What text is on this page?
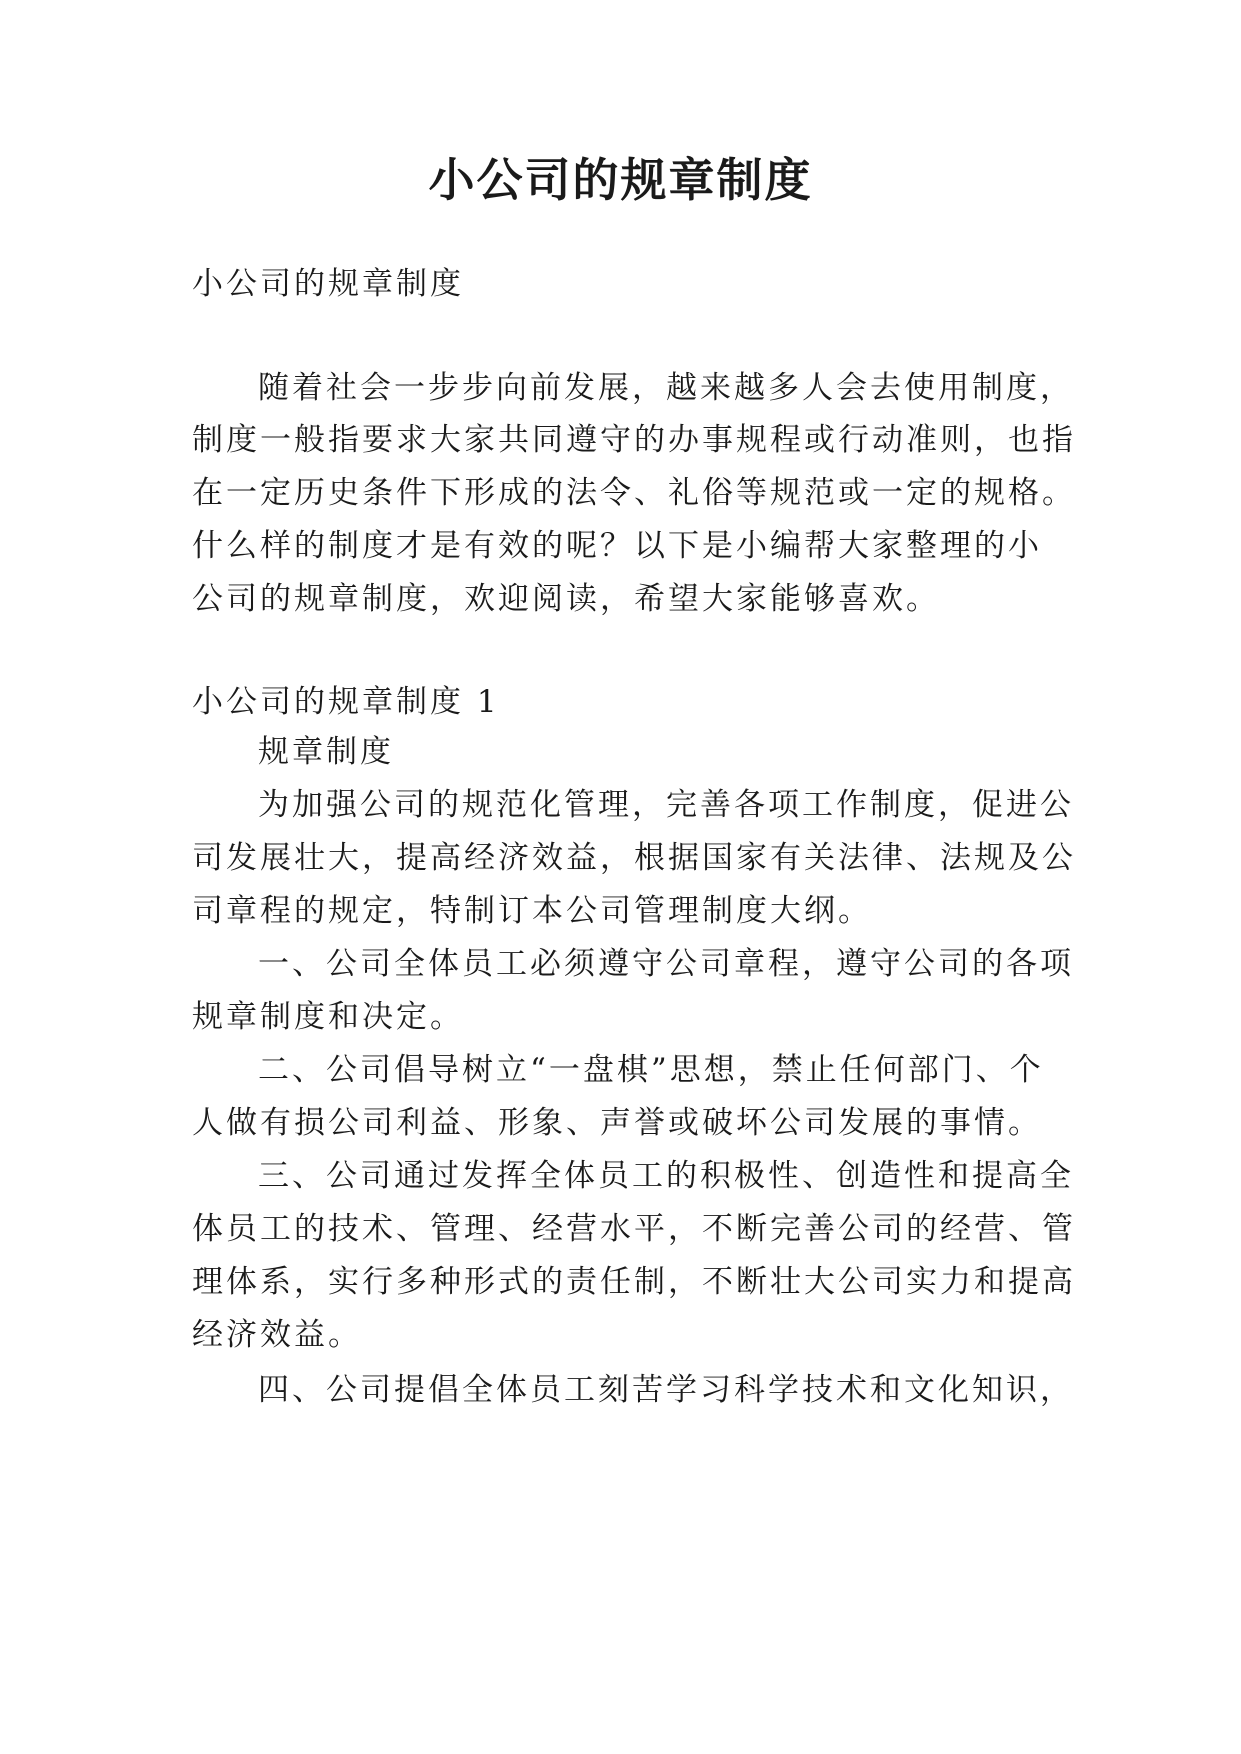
小公司的规章制度

小公司的规章制度

随着社会一步步向前发展，越来越多人会去使用制度，

制度一般指要求大家共同遵守的办事规程或行动准则，也指

在一定历史条件下形成的法令、礼俗等规范或一定的规格。

什么样的制度才是有效的呢？以下是小编帮大家整理的小

公司的规章制度，欢迎阅读，希望大家能够喜欢。

小公司的规章制度 1

规章制度

为加强公司的规范化管理，完善各项工作制度，促进公

司发展壮大，提高经济效益，根据国家有关法律、法规及公

司章程的规定，特制订本公司管理制度大纲。

一、公司全体员工必须遵守公司章程，遵守公司的各项

规章制度和决定。

二、公司倡导树立“一盘棋”思想，禁止任何部门、个

人做有损公司利益、形象、声誉或破坏公司发展的事情。

三、公司通过发挥全体员工的积极性、创造性和提高全

体员工的技术、管理、经营水平，不断完善公司的经营、管

理体系，实行多种形式的责任制，不断壮大公司实力和提高

经济效益。

四、公司提倡全体员工刻苦学习科学技术和文化知识，
